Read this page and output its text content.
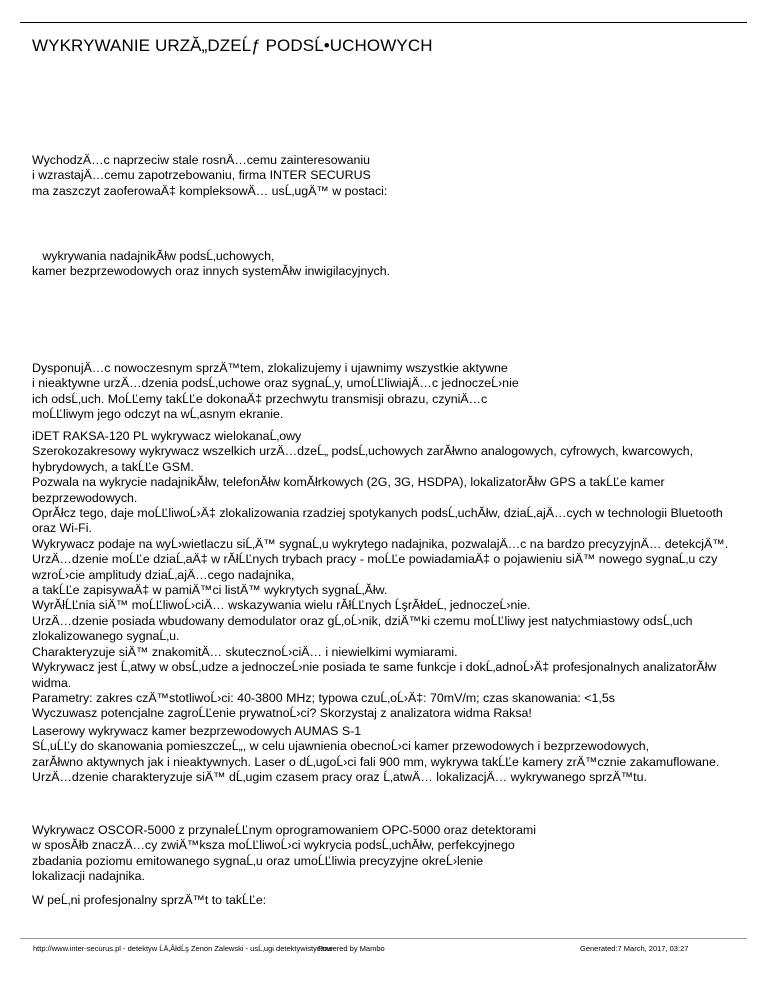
WYKRYWANIE URZĂ„DZEĹƒ PODSĹ•UCHOWYCH
WychodzÄ…c naprzeciw stale rosnÄ…cemu zainteresowaniu
i wzrastajÄ…cemu zapotrzebowaniu, firma INTER SECURUS
ma zaszczyt zaoferowaÄ‡ kompleksowÄ… usĹ‚ugÄ™ w postaci:
wykrywania nadajnikĂłw podsĹ‚uchowych,
kamer bezprzewodowych oraz innych systemĂłw inwigilacyjnych.
DysponujÄ…c nowoczesnym sprzÄ™tem, zlokalizujemy i ujawnimy wszystkie aktywne
i nieaktywne urzÄ…dzenia podsĹ‚uchowe oraz sygnaĹ‚y, umoĹĽliwiajÄ…c jednoczeĹ›nie
ich odsĹ‚uch. MoĹĽemy takĹĽe dokonaÄ‡ przechwytu transmisji obrazu, czyniÄ…c
moĹĽliwym jego odczyt na wĹ‚asnym ekranie.
iDET RAKSA-120 PL wykrywacz wielokanaĹ‚owy
Szerokozakresowy wykrywacz wszelkich urzÄ…dzeĹ„ podsĹ‚uchowych zarĂłwno analogowych, cyfrowych, kwarcowych,
hybrydowych, a takĹĽe GSM.
Pozwala na wykrycie nadajnikĂłw, telefonĂłw komĂłrkowych (2G, 3G, HSDPA), lokalizatorĂłw GPS a takĹĽe kamer
bezprzewodowych.
OprĂłcz tego, daje moĹĽliwoĹ›Ä‡ zlokalizowania rzadziej spotykanych podsĹ‚uchĂłw, dziaĹ‚ajÄ…cych w technologii Bluetooth
oraz Wi-Fi.
Wykrywacz podaje na wyĹ›wietlaczu siĹ‚Ä™ sygnaĹ‚u wykrytego nadajnika, pozwalajÄ…c na bardzo precyzyjnÄ… detekcjÄ™.
UrzÄ…dzenie moĹĽe dziaĹ‚aÄ‡ w rĂłĹĽnych trybach pracy - moĹĽe powiadamiaÄ‡ o pojawieniu siÄ™ nowego sygnaĹ‚u czy
wzroĹ›cie amplitudy dziaĹ‚ajÄ…cego nadajnika,
a takĹĽe zapisywaÄ‡ w pamiÄ™ci listÄ™ wykrytych sygnaĹ‚Ăłw.
WyrĂłĹĽnia siÄ™ moĹĽliwoĹ›ciÄ… wskazywania wielu rĂłĹĽnych ĹşrĂłdeĹ‚ jednoczeĹ›nie.
UrzÄ…dzenie posiada wbudowany demodulator oraz gĹ‚oĹ›nik, dziÄ™ki czemu moĹĽliwy jest natychmiastowy odsĹ‚uch
zlokalizowanego sygnaĹ‚u.
Charakteryzuje siÄ™ znakomitÄ… skutecznoĹ›ciÄ… i niewielkimi wymiarami.
Wykrywacz jest Ĺ‚atwy w obsĹ‚udze a jednoczeĹ›nie posiada te same funkcje i dokĹ‚adnoĹ›Ä‡ profesjonalnych analizatorĂłw
widma.
Parametry: zakres czÄ™stotliwoĹ›ci: 40-3800 MHz; typowa czuĹ‚oĹ›Ä‡: 70mV/m; czas skanowania: <1,5s
Wyczuwasz potencjalne zagroĹĽenie prywatnoĹ›ci? Skorzystaj z analizatora widma Raksa!
Laserowy wykrywacz kamer bezprzewodowych AUMAS S-1
SĹ‚uĹĽy do skanowania pomieszczeĹ„, w celu ujawnienia obecnoĹ›ci kamer przewodowych i bezprzewodowych,
zarĂłwno aktywnych jak i nieaktywnych. Laser o dĹ‚ugoĹ›ci fali 900 mm, wykrywa takĹĽe kamery zrÄ™cznie zakamuflowane.
UrzÄ…dzenie charakteryzuje siÄ™ dĹ‚ugim czasem pracy oraz Ĺ‚atwÄ… lokalizacjÄ… wykrywanego sprzÄ™tu.
Wykrywacz OSCOR-5000 z przynaleĹĽnym oprogramowaniem OPC-5000 oraz detektorami
w sposĂłb znaczÄ…cy zwiÄ™ksza moĹĽliwoĹ›ci wykrycia podsĹ‚uchĂłw, perfekcyjnego
zbadania poziomu emitowanego sygnaĹ‚u oraz umoĹĽliwia precyzyjne okreĹ›lenie
lokalizacji nadajnika.
W peĹ‚ni profesjonalny sprzÄ™t to takĹĽe:
http://www.inter-securus.pl - detektyw ĹÄ‚ÂłdĹş Zenon Zalewski - usĹ‚ugi detektywistyczne
Powered by Mambo	Generated:7 March, 2017, 03:27
